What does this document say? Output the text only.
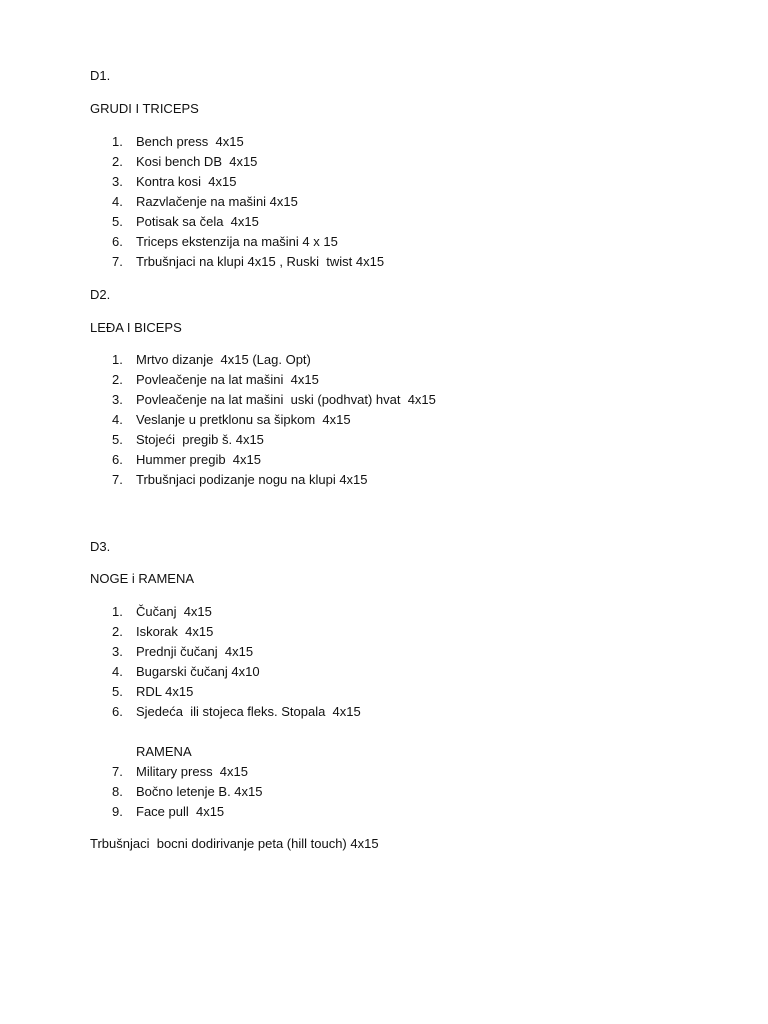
D1.
GRUDI I TRICEPS
1. Bench press  4x15
2. Kosi bench DB  4x15
3. Kontra kosi  4x15
4. Razvlačenje na mašini 4x15
5. Potisak sa čela  4x15
6. Triceps ekstenzija na mašini 4 x 15
7. Trbušnjaci na klupi 4x15 , Ruski  twist 4x15
D2.
LEĐA I BICEPS
1. Mrtvo dizanje  4x15 (Lag. Opt)
2. Povleačenje na lat mašini  4x15
3. Povleačenje na lat mašini  uski (podhvat) hvat  4x15
4. Veslanje u pretklonu sa šipkom  4x15
5. Stojeći  pregib š. 4x15
6. Hummer pregib  4x15
7. Trbušnjaci podizanje nogu na klupi 4x15
D3.
NOGE i RAMENA
1. Čučanj  4x15
2. Iskorak  4x15
3. Prednji čučanj  4x15
4. Bugarski čučanj 4x10
5. RDL 4x15
6. Sjedeća  ili stojeca fleks. Stopala  4x15
RAMENA
7. Military press  4x15
8. Bočno letenje B. 4x15
9. Face pull  4x15
Trbušnjaci  bocni dodirivanje peta (hill touch) 4x15
